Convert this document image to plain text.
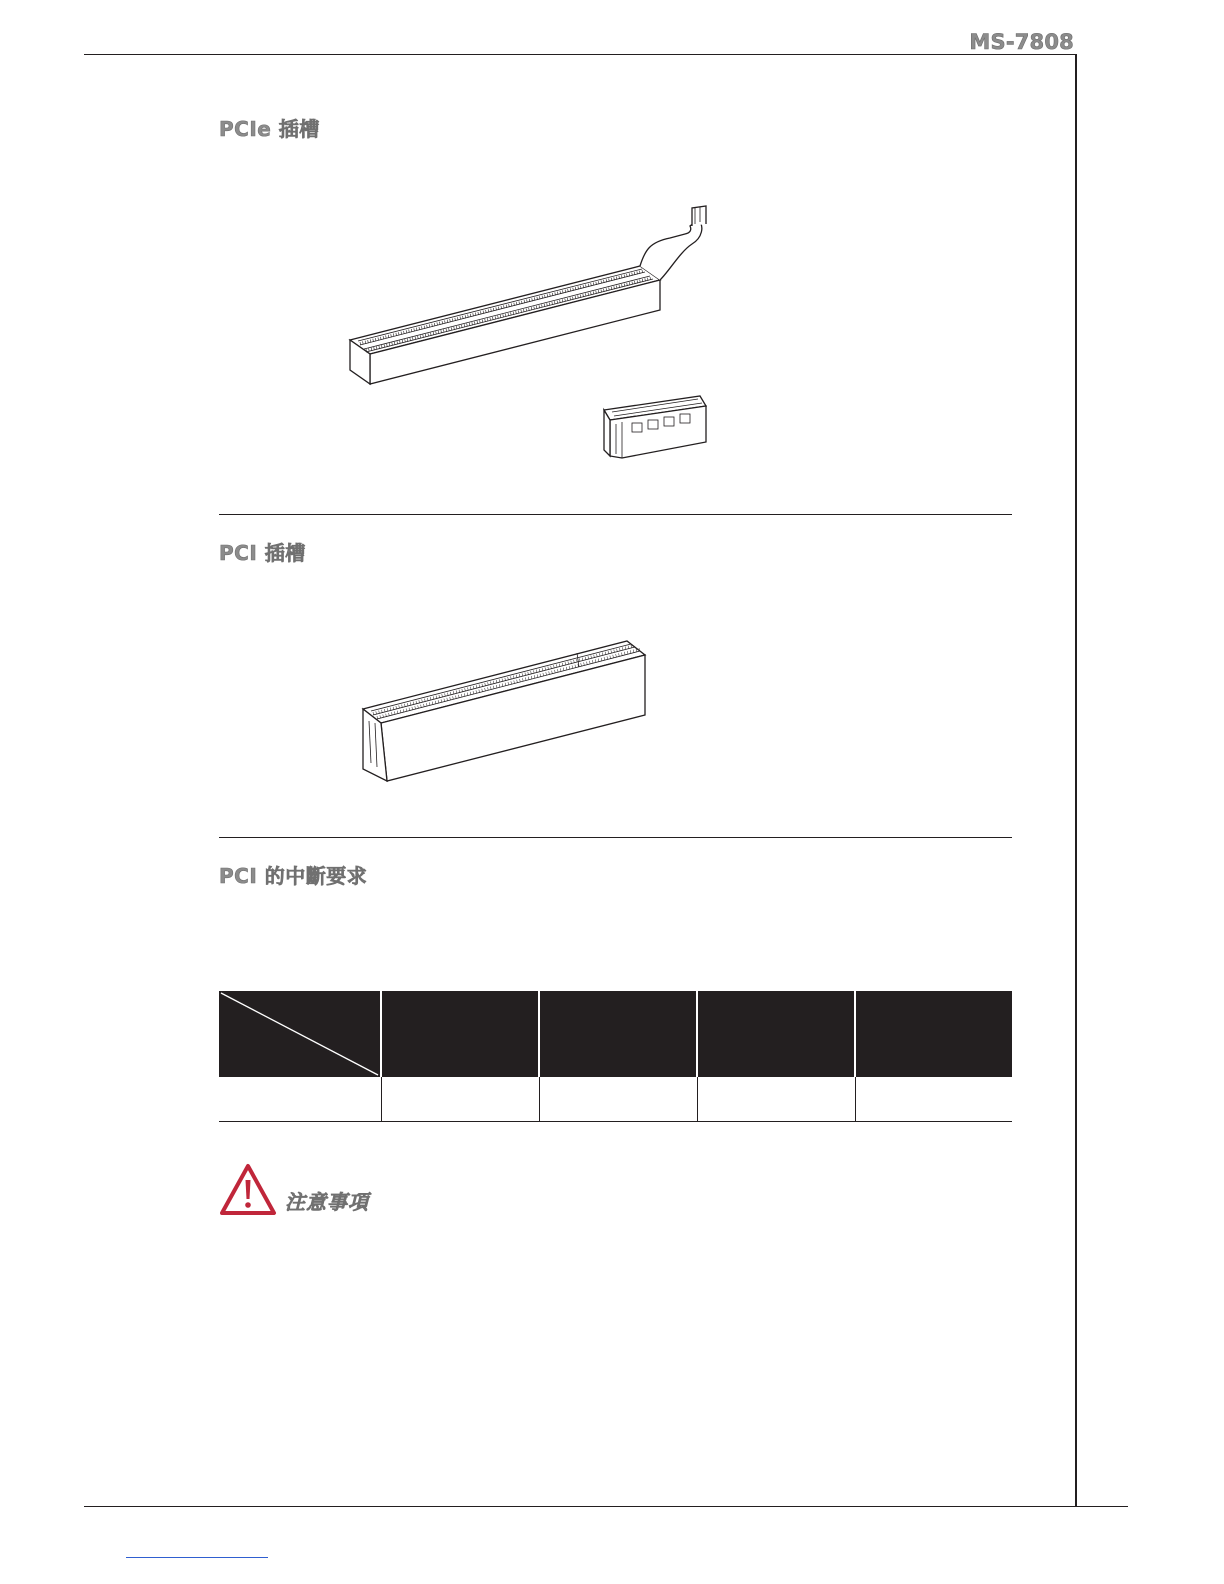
MS-7808
PCIe 插槽
PCI 插槽
PCI 的中斷要求

注意事項
